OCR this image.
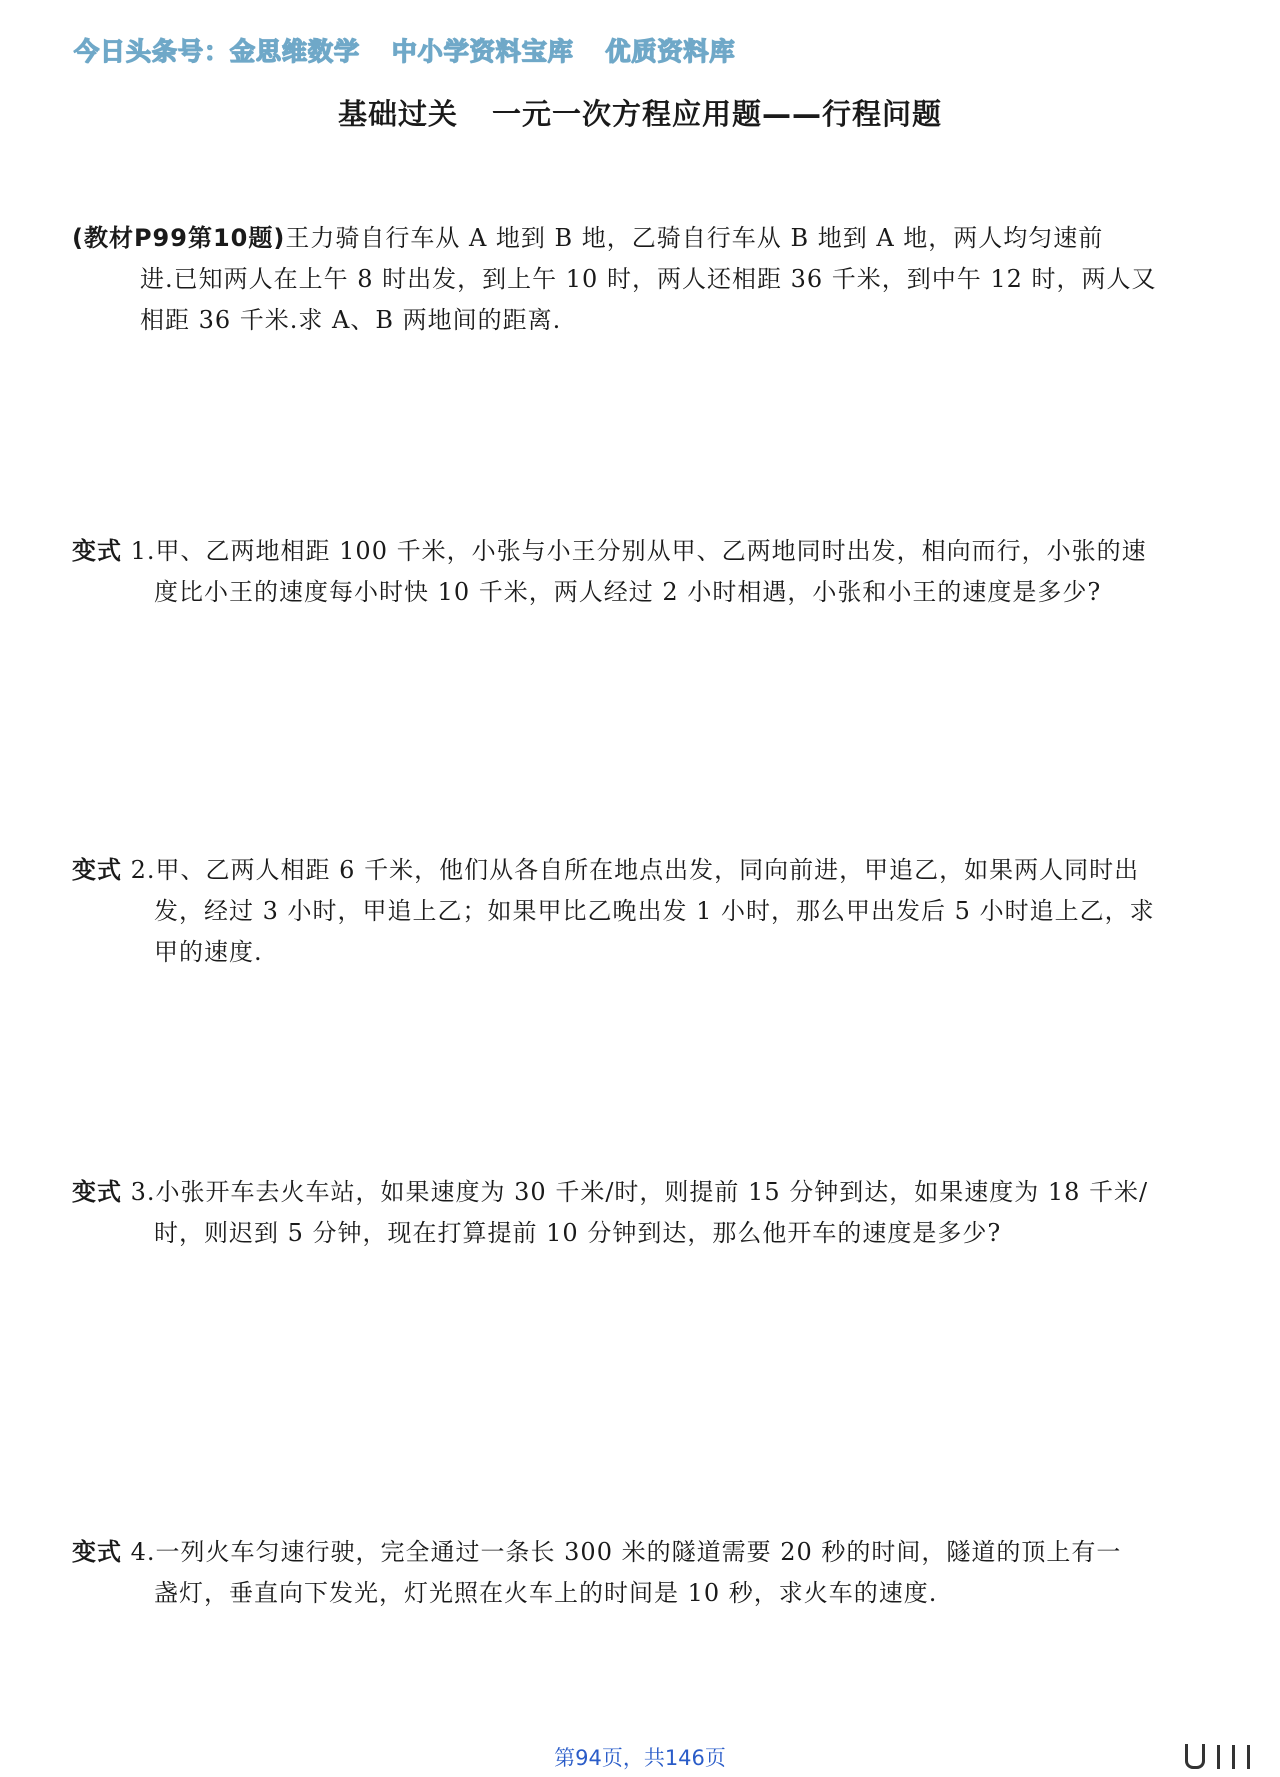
今日头条号：金思维数学 中小学资料宝库 优质资料库
基础过关 一元一次方程应用题——行程问题

(教材P99第10题)王力骑自行车从 A 地到 B 地，乙骑自行车从 B 地到 A 地，两人均匀速前

进.已知两人在上午 8 时出发，到上午 10 时，两人还相距 36 千米，到中午 12 时，两人又

相距 36 千米.求 A、B 两地间的距离.

变式 1.甲、乙两地相距 100 千米，小张与小王分别从甲、乙两地同时出发，相向而行，小张的速

度比小王的速度每小时快 10 千米，两人经过 2 小时相遇，小张和小王的速度是多少?

变式 2.甲、乙两人相距 6 千米，他们从各自所在地点出发，同向前进，甲追乙，如果两人同时出

发，经过 3 小时，甲追上乙；如果甲比乙晚出发 1 小时，那么甲出发后 5 小时追上乙，求

甲的速度.

变式 3.小张开车去火车站，如果速度为 30 千米/时，则提前 15 分钟到达，如果速度为 18 千米/

时，则迟到 5 分钟，现在打算提前 10 分钟到达，那么他开车的速度是多少?

变式 4.一列火车匀速行驶，完全通过一条长 300 米的隧道需要 20 秒的时间，隧道的顶上有一

盏灯，垂直向下发光，灯光照在火车上的时间是 10 秒，求火车的速度.

第94页，共146页
